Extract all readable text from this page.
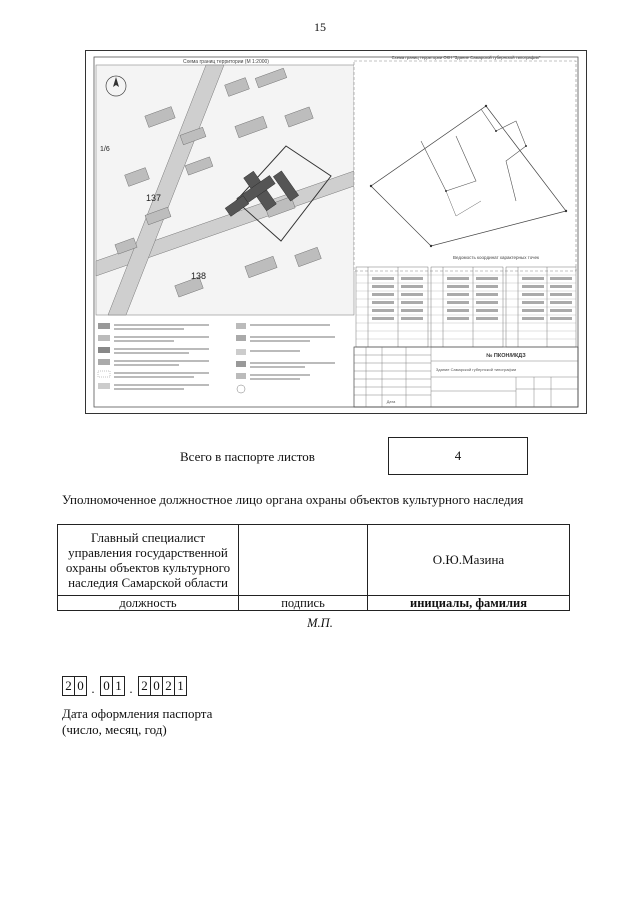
15
Схема границ территории (М 1:2000)
137
138
1/6
Схема границ территории ОКН "Здание Самарской губернской типографии"
Ведомость координат характерных точек
№ ПКОН/ИКДЗ
Здание Самарской губернской типографии
Дата
Всего в паспорте листов	4
Уполномоченное должностное лицо органа охраны объектов культурного наследия
Главный специалист
управления государственной
охраны объектов культурного
наследия Самарской области		О.Ю.Мазина
должность	подпись	инициалы, фамилия
М.П.
2 0 . 0 1 . 2 0 2 1
Дата оформления паспорта
(число, месяц, год)
